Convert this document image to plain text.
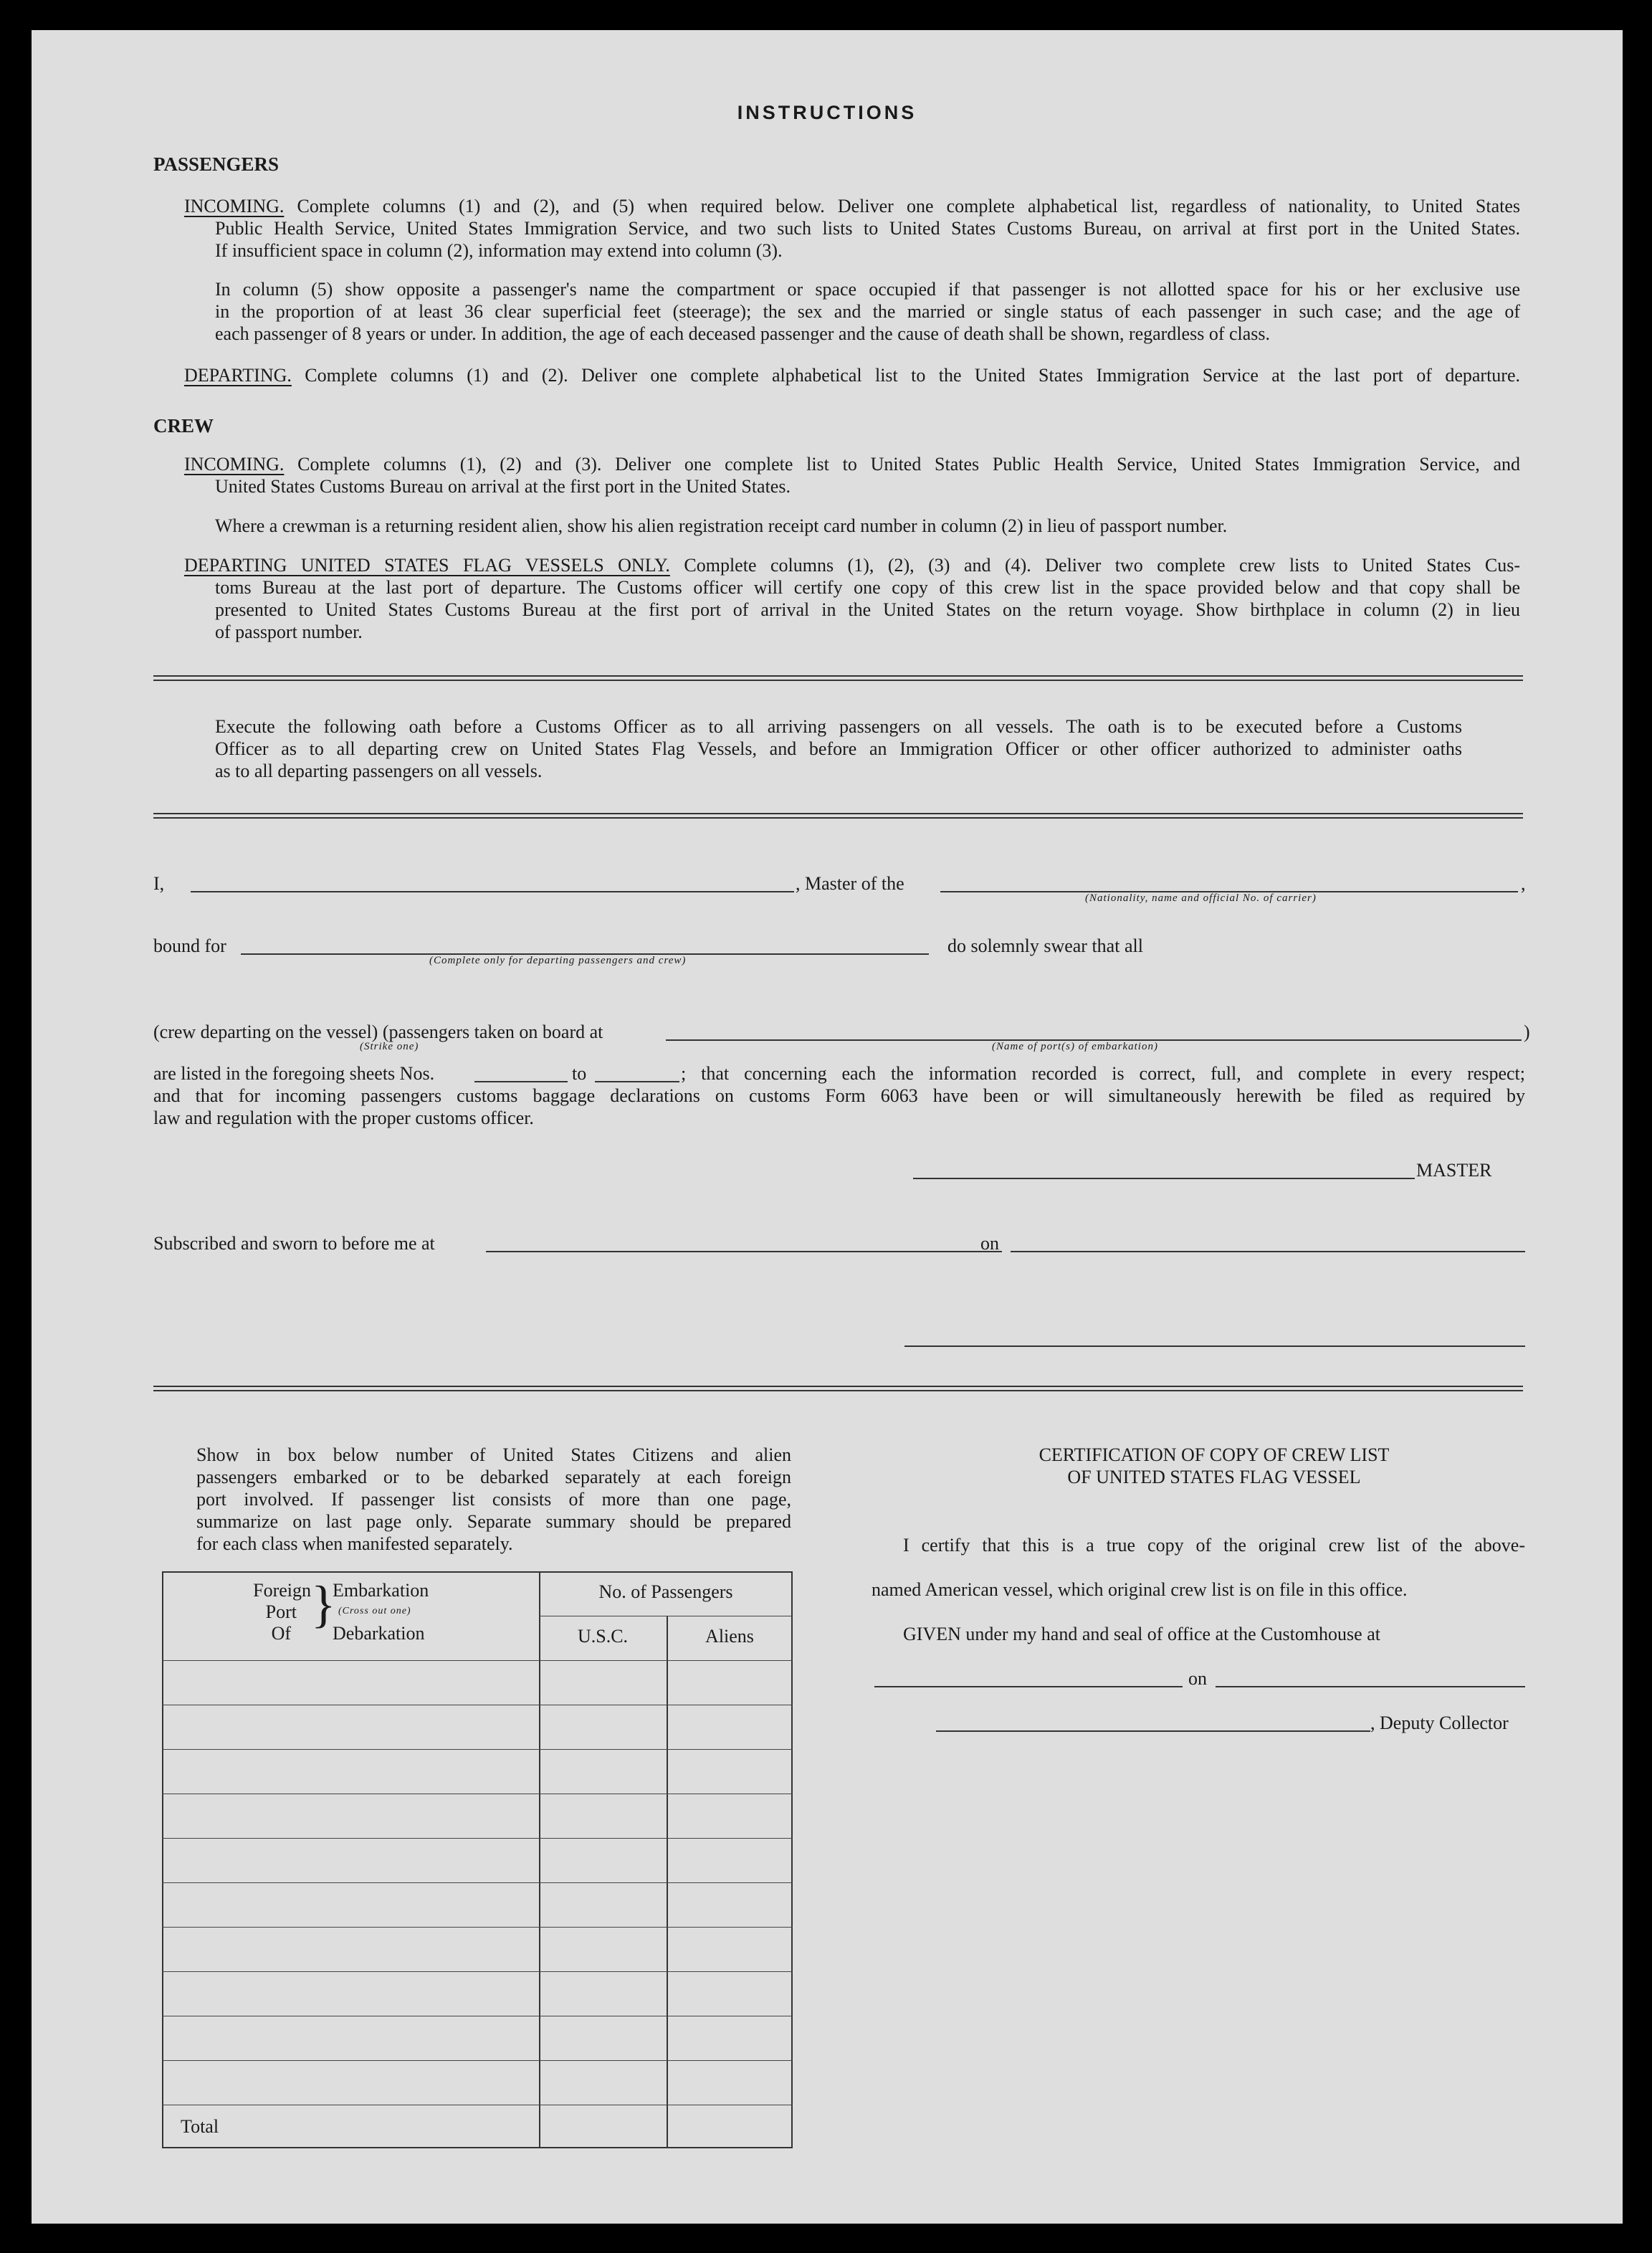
INSTRUCTIONS
PASSENGERS
INCOMING. Complete columns (1) and (2), and (5) when required below. Deliver one complete alphabetical list, regardless of nationality, to United States
Public Health Service, United States Immigration Service, and two such lists to United States Customs Bureau, on arrival at first port in the United States.
If insufficient space in column (2), information may extend into column (3).
In column (5) show opposite a passenger's name the compartment or space occupied if that passenger is not allotted space for his or her exclusive use
in the proportion of at least 36 clear superficial feet (steerage); the sex and the married or single status of each passenger in such case; and the age of
each passenger of 8 years or under. In addition, the age of each deceased passenger and the cause of death shall be shown, regardless of class.
DEPARTING. Complete columns (1) and (2). Deliver one complete alphabetical list to the United States Immigration Service at the last port of departure.
CREW
INCOMING. Complete columns (1), (2) and (3). Deliver one complete list to United States Public Health Service, United States Immigration Service, and
United States Customs Bureau on arrival at the first port in the United States.
Where a crewman is a returning resident alien, show his alien registration receipt card number in column (2) in lieu of passport number.
DEPARTING UNITED STATES FLAG VESSELS ONLY. Complete columns (1), (2), (3) and (4). Deliver two complete crew lists to United States Cus-
toms Bureau at the last port of departure. The Customs officer will certify one copy of this crew list in the space provided below and that copy shall be
presented to United States Customs Bureau at the first port of arrival in the United States on the return voyage. Show birthplace in column (2) in lieu
of passport number.
Execute the following oath before a Customs Officer as to all arriving passengers on all vessels. The oath is to be executed before a Customs
Officer as to all departing crew on United States Flag Vessels, and before an Immigration Officer or other officer authorized to administer oaths
as to all departing passengers on all vessels.
I,	, Master of the	,
(Nationality, name and official No. of carrier)
bound for	do solemnly swear that all
(Complete only for departing passengers and crew)
(crew departing on the vessel) (passengers taken on board at	)
(Strike one)	(Name of port(s) of embarkation)
are listed in the foregoing sheets Nos.	to	; that concerning each the information recorded is correct, full, and complete in every respect;
and that for incoming passengers customs baggage declarations on customs Form 6063 have been or will simultaneously herewith be filed as required by
law and regulation with the proper customs officer.
MASTER
Subscribed and sworn to before me at	on
Show in box below number of United States Citizens and alien
passengers embarked or to be debarked separately at each foreign
port involved. If passenger list consists of more than one page,
summarize on last page only. Separate summary should be prepared
for each class when manifested separately.
Foreign
Port
Of
}
Embarkation
(Cross out one)
Debarkation
No. of Passengers
U.S.C.	Aliens
Total
CERTIFICATION OF COPY OF CREW LIST
OF UNITED STATES FLAG VESSEL
I certify that this is a true copy of the original crew list of the above-
named American vessel, which original crew list is on file in this office.
GIVEN under my hand and seal of office at the Customhouse at
on
, Deputy Collector
